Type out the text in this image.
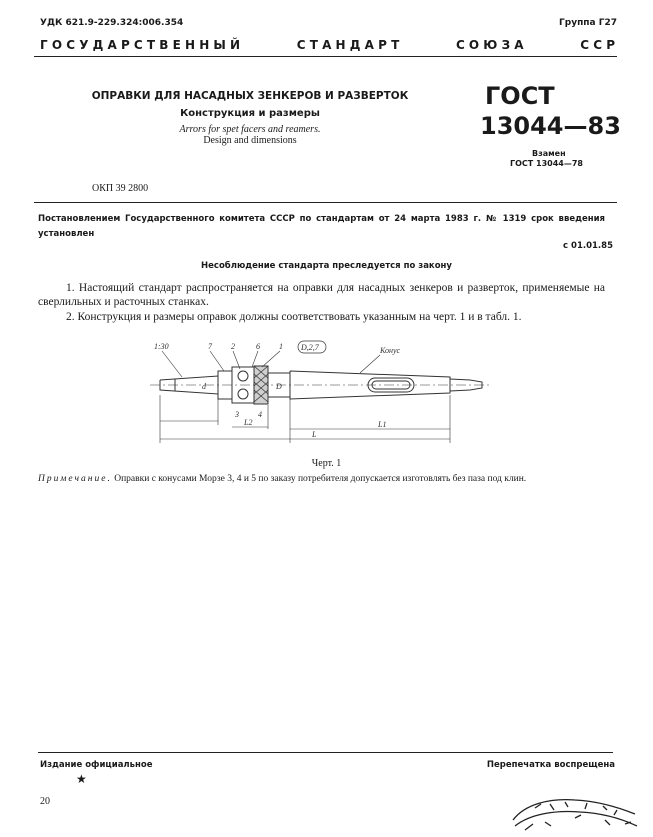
УДК 621.9-229.324:006.354	Группа Г27
Г О С У Д А Р С Т В Е Н Н Ы Й	С Т А Н Д А Р Т	С О Ю З А	С С Р
ОПРАВКИ ДЛЯ НАСАДНЫХ ЗЕНКЕРОВ И РАЗВЕРТОК
Конструкция и размеры
Arrors for spet facers and reamers.
Design and dimensions
ГОСТ
13044—83
Взамен
ГОСТ 13044—78
ОКП 39 2800
Постановлением Государственного комитета СССР по стандартам от 24 марта 1983 г. № 1319 срок введения установлен
с 01.01.85
Несоблюдение стандарта преследуется по закону
1. Настоящий стандарт распространяется на оправки для насадных зенкеров и разверток, применяемые на сверлильных и расточных станках.
2. Конструкция и размеры оправок должны соответствовать указанным на черт. 1 и в табл. 1.
1:30	7 2	6 1 D,2,7	Конус
d	D
L2
3 4
L
L1
Черт. 1
Примечание. Оправки с конусами Морзе 3, 4 и 5 по заказу потребителя допускается изготовлять без паза под клин.
Издание официальное
★
Перепечатка воспрещена
20
